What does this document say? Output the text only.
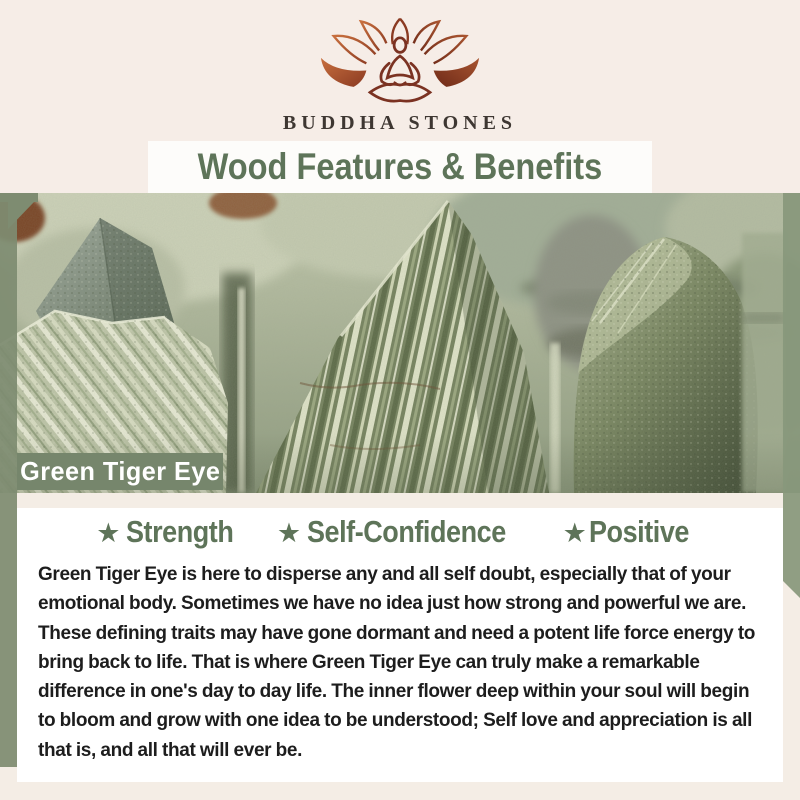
BUDDHA STONES
Wood Features & Benefits
Green Tiger Eye
★ Strength ★ Self-Confidence ★ Positive

Green Tiger Eye is here to disperse any and all self doubt, especially that of your emotional body. Sometimes we have no idea just how strong and powerful we are. These defining traits may have gone dormant and need a potent life force energy to bring back to life. That is where Green Tiger Eye can truly make a remarkable difference in one's day to day life. The inner flower deep within your soul will begin to bloom and grow with one idea to be understood; Self love and appreciation is all that is, and all that will ever be.
